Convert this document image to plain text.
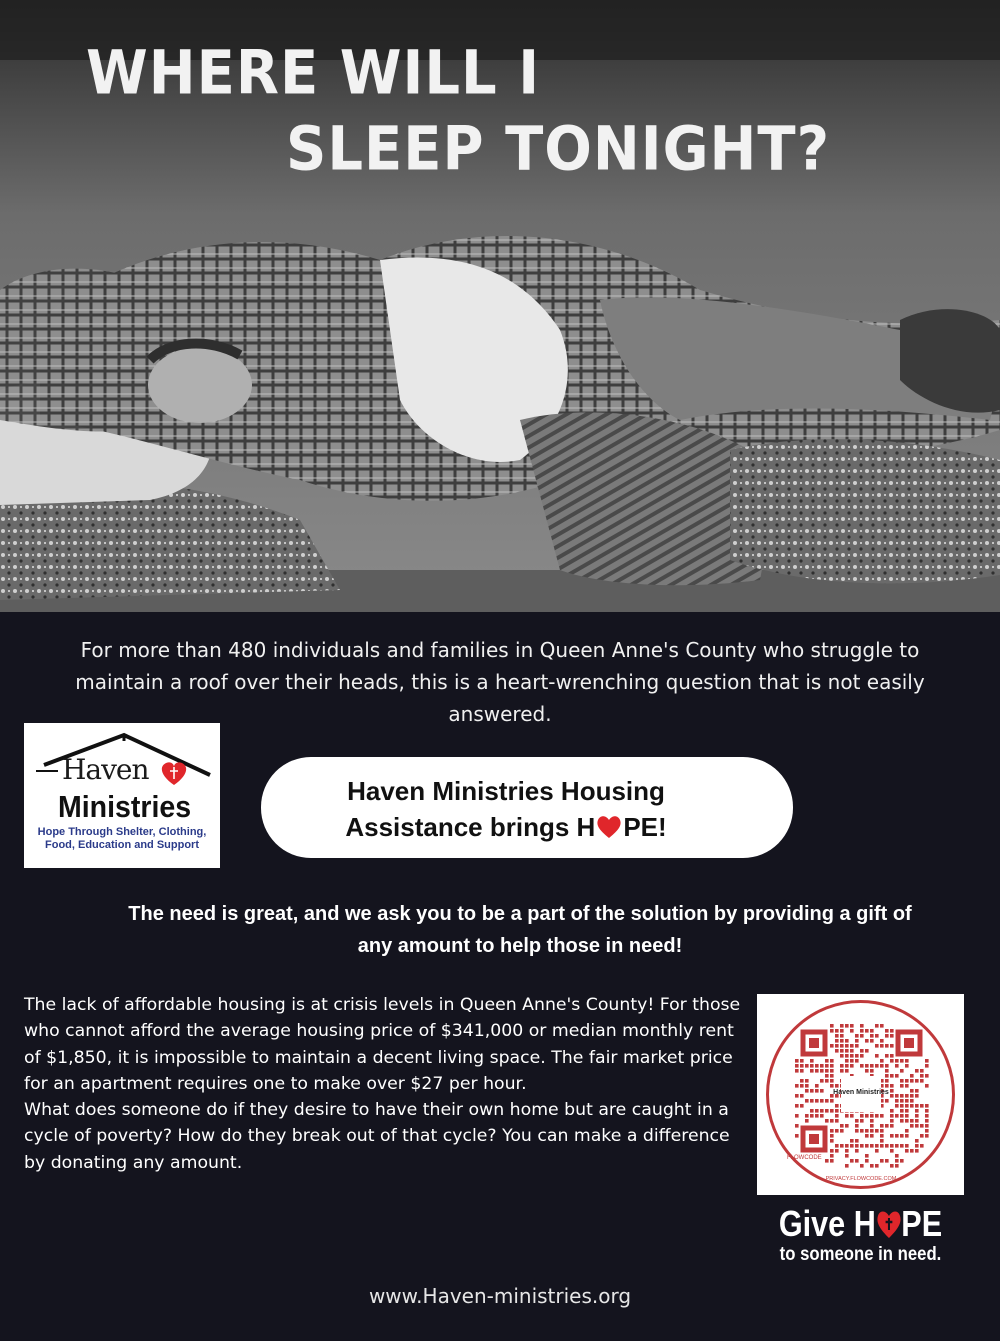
WHERE WILL I
SLEEP TONIGHT?
For more than 480 individuals and families in Queen Anne's County who struggle to maintain a roof over their heads, this is a heart-wrenching question that is not easily answered.
Haven
Ministries
Hope Through Shelter, Clothing, Food, Education and Support
Haven Ministries Housing
Assistance brings H PE!
The need is great, and we ask you to be a part of the solution by providing a gift of any amount to help those in need!

The lack of affordable housing is at crisis levels in Queen Anne's County! For those who cannot afford the average housing price of $341,000 or median monthly rent of $1,850, it is impossible to maintain a decent living space. The fair market price for an apartment requires one to make over $27 per hour.

What does someone do if they desire to have their own home but are caught in a cycle of poverty? How do they break out of that cycle? You can make a difference by donating any amount.

Haven Ministries
FLOWCODE
PRIVACY.FLOWCODE.COM
Give H PE
to someone in need.
www.Haven-ministries.org
